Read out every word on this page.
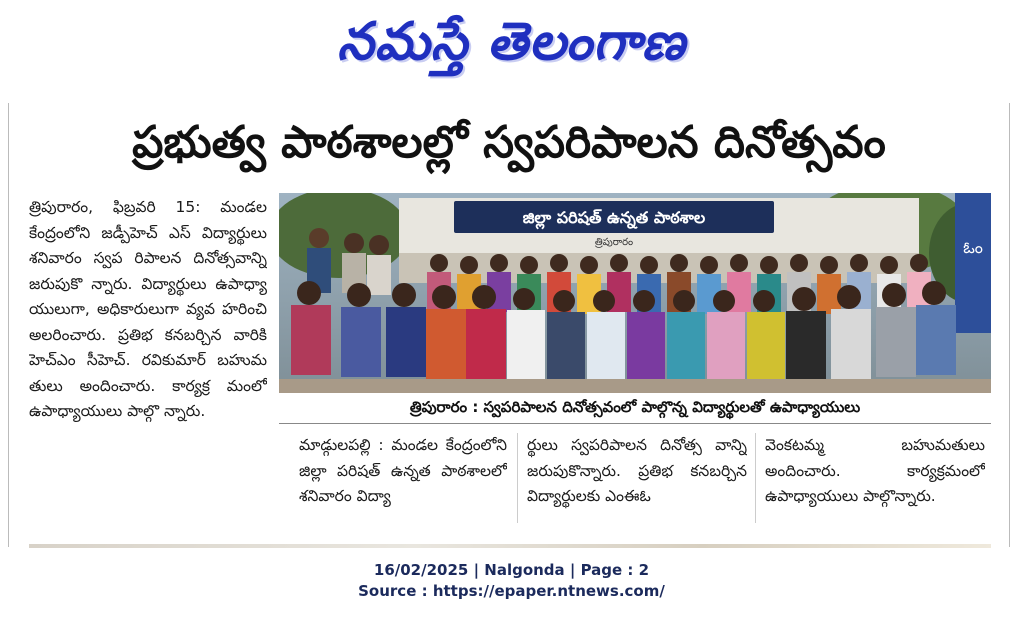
నమస్తే తెలంగాణ
ప్రభుత్వ పాఠశాలల్లో స్వపరిపాలన దినోత్సవం
త్రిపురారం, ఫిబ్రవరి 15: మండల కేంద్రంలోని జడ్పీహెచ్ ఎస్ విద్యార్థులు శనివారం స్వప రిపాలన దినోత్సవాన్ని జరుపుకొ న్నారు. విద్యార్థులు ఉపాధ్యా యులుగా, అధికారులుగా వ్యవ హరించి అలరించారు. ప్రతిభ కనబర్చిన వారికి హెచ్ఎం సీహెచ్. రవికుమార్ బహుమ తులు అందించారు. కార్యక్ర మంలో ఉపాధ్యాయులు పాల్గొ న్నారు.
జిల్లా పరిషత్ ఉన్నత పాఠశాల
త్రిపురారం	ఓం
త్రిపురారం : స్వపరిపాలన దినోత్సవంలో పాల్గొన్న విద్యార్థులతో ఉపాధ్యాయులు
మాడ్గులపల్లి : మండల కేంద్రంలోని జిల్లా పరిషత్ ఉన్నత పాఠశాలలో శనివారం విద్యా
ర్థులు స్వపరిపాలన దినోత్స వాన్ని జరుపుకొన్నారు. ప్రతిభ కనబర్చిన విద్యార్థులకు ఎంఈఓ
వెంకటమ్మ బహుమతులు అందించారు. కార్యక్రమంలో ఉపాధ్యాయులు పాల్గొన్నారు.
16/02/2025 | Nalgonda | Page : 2
Source : https://epaper.ntnews.com/
